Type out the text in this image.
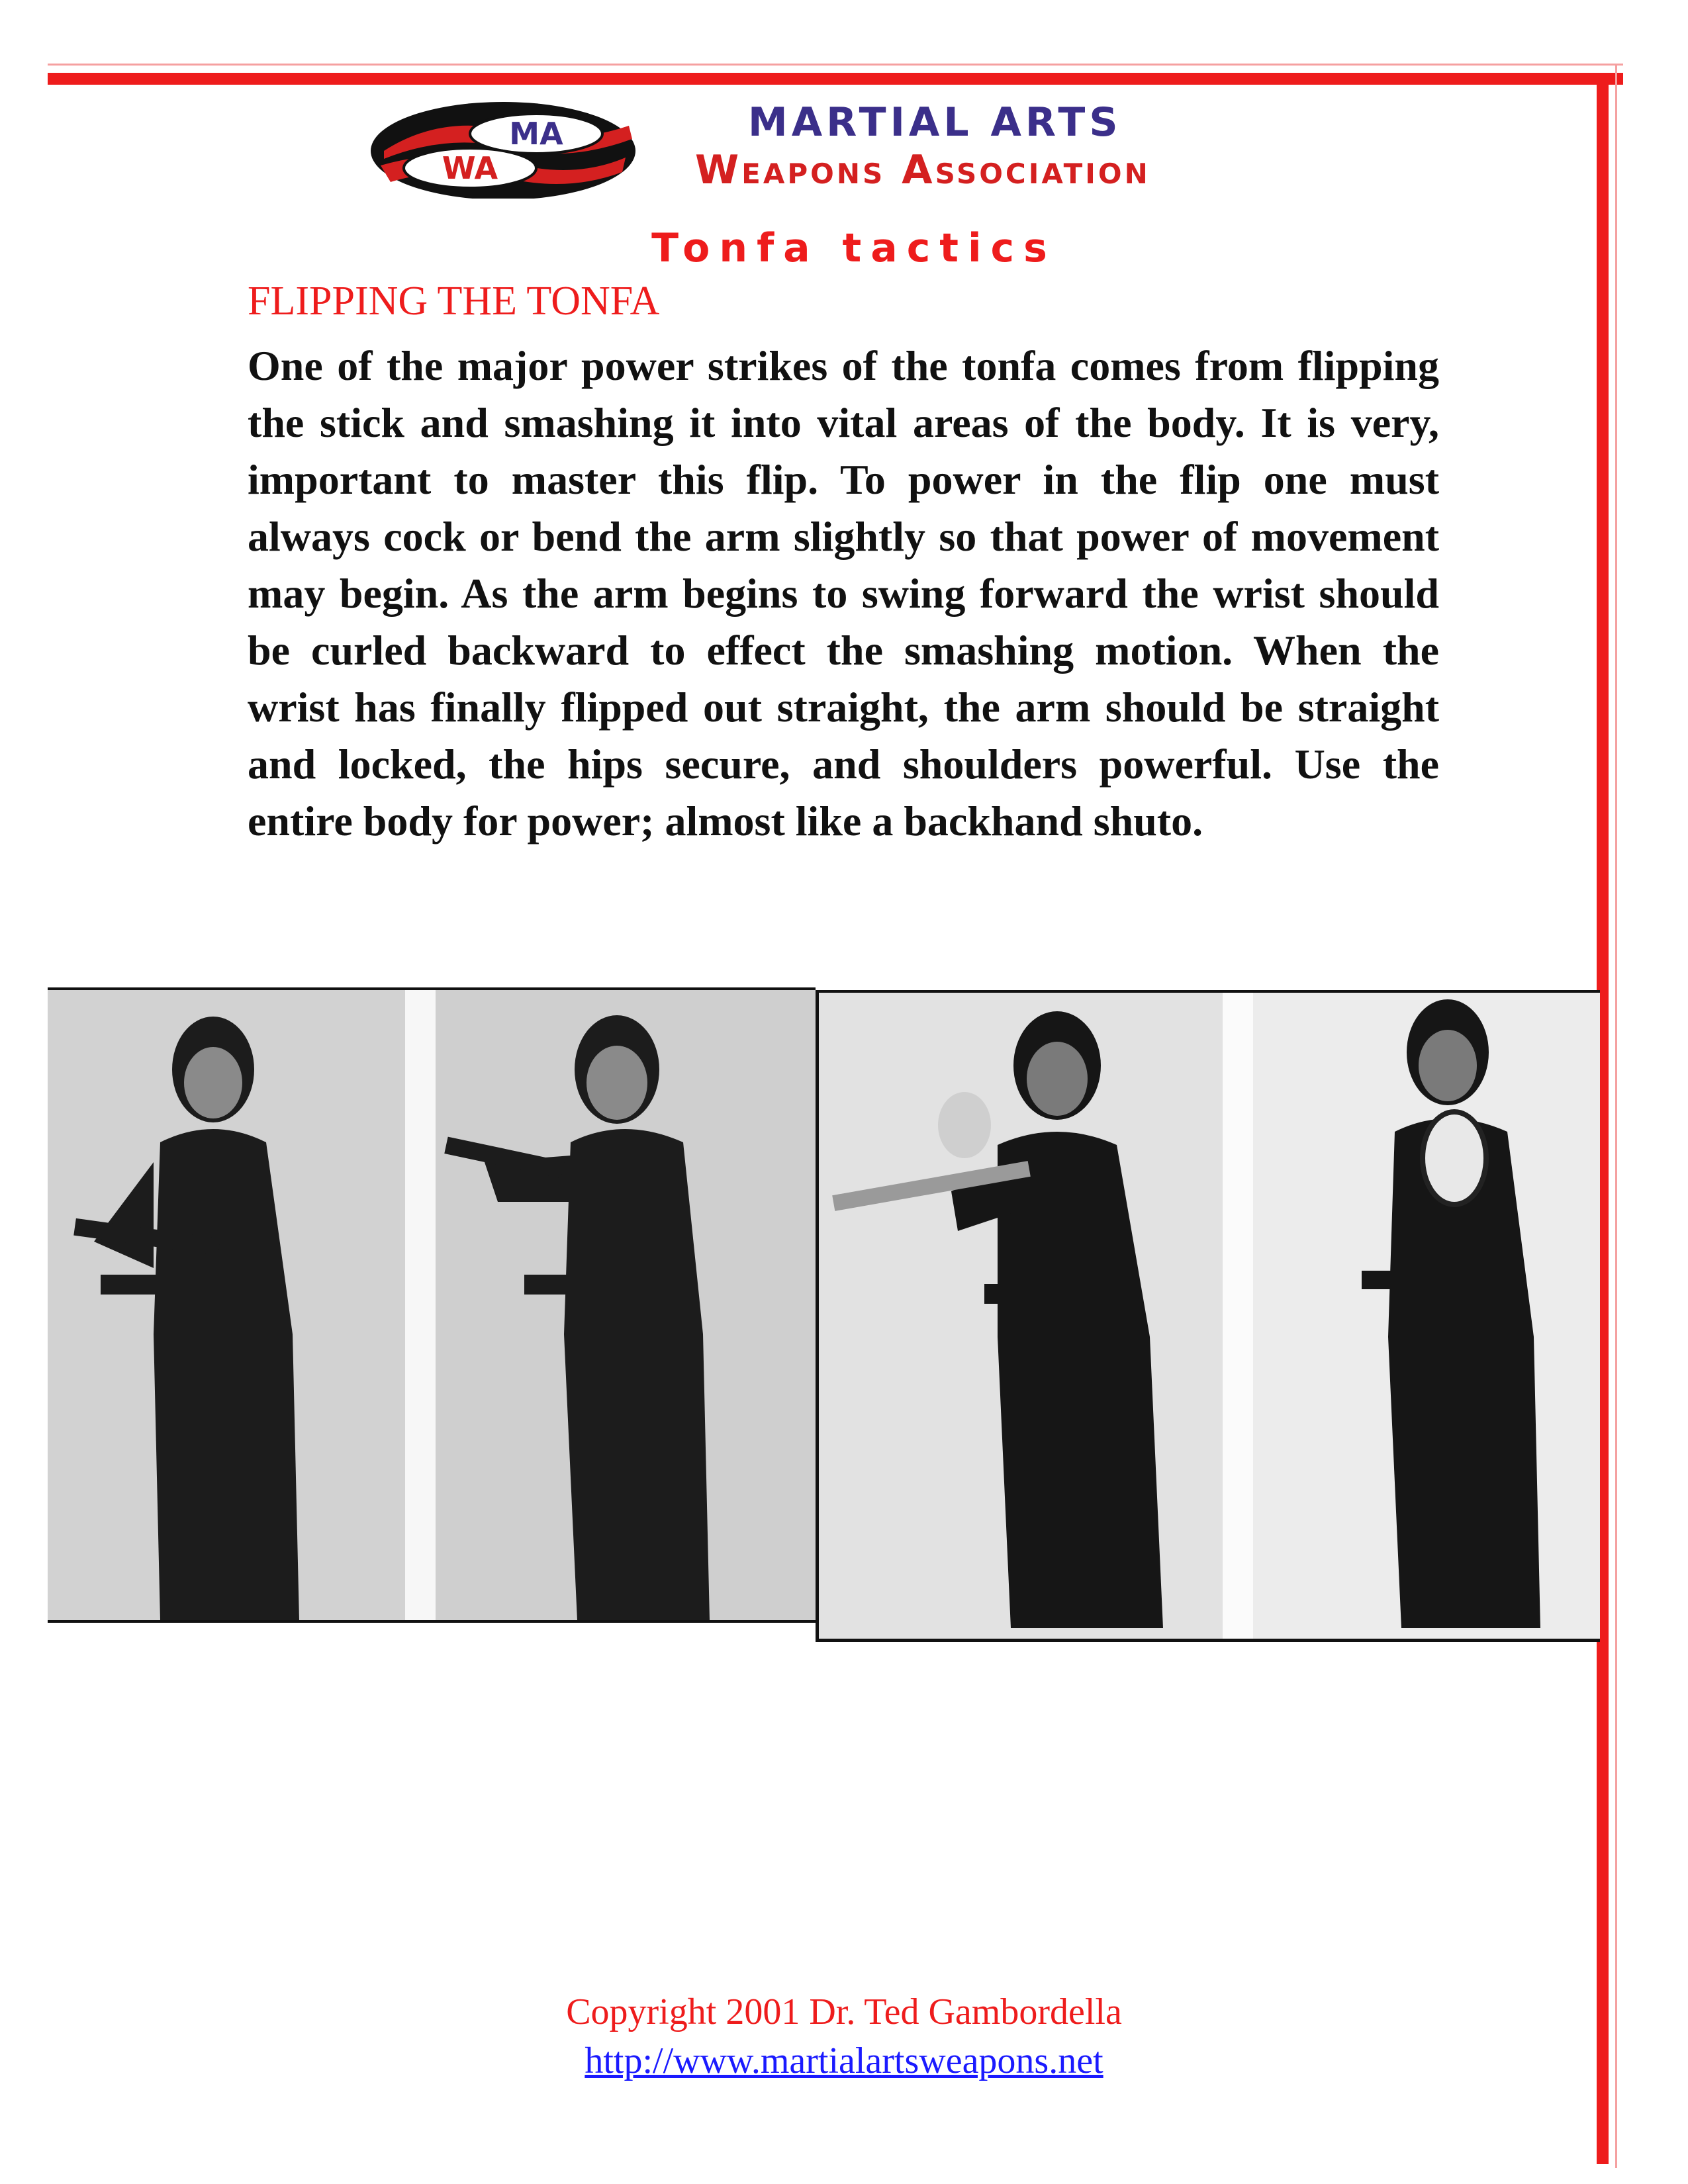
MA
WA
MARTIAL ARTS
Weapons Association
Tonfa tactics
FLIPPING THE TONFA

One of the major power strikes of the tonfa comes from flipping the stick and smashing it into vital areas of the body. It is very, important to master this flip. To power in the flip one must always cock or bend the arm slightly so that power of movement may begin. As the arm begins to swing forward the wrist should be curled backward to effect the smashing motion. When the wrist has finally flipped out straight, the arm should be straight and locked, the hips secure, and shoulders powerful. Use the entire body for power; almost like a backhand shuto.

Copyright 2001 Dr. Ted Gambordella
http://www.martialartsweapons.net
